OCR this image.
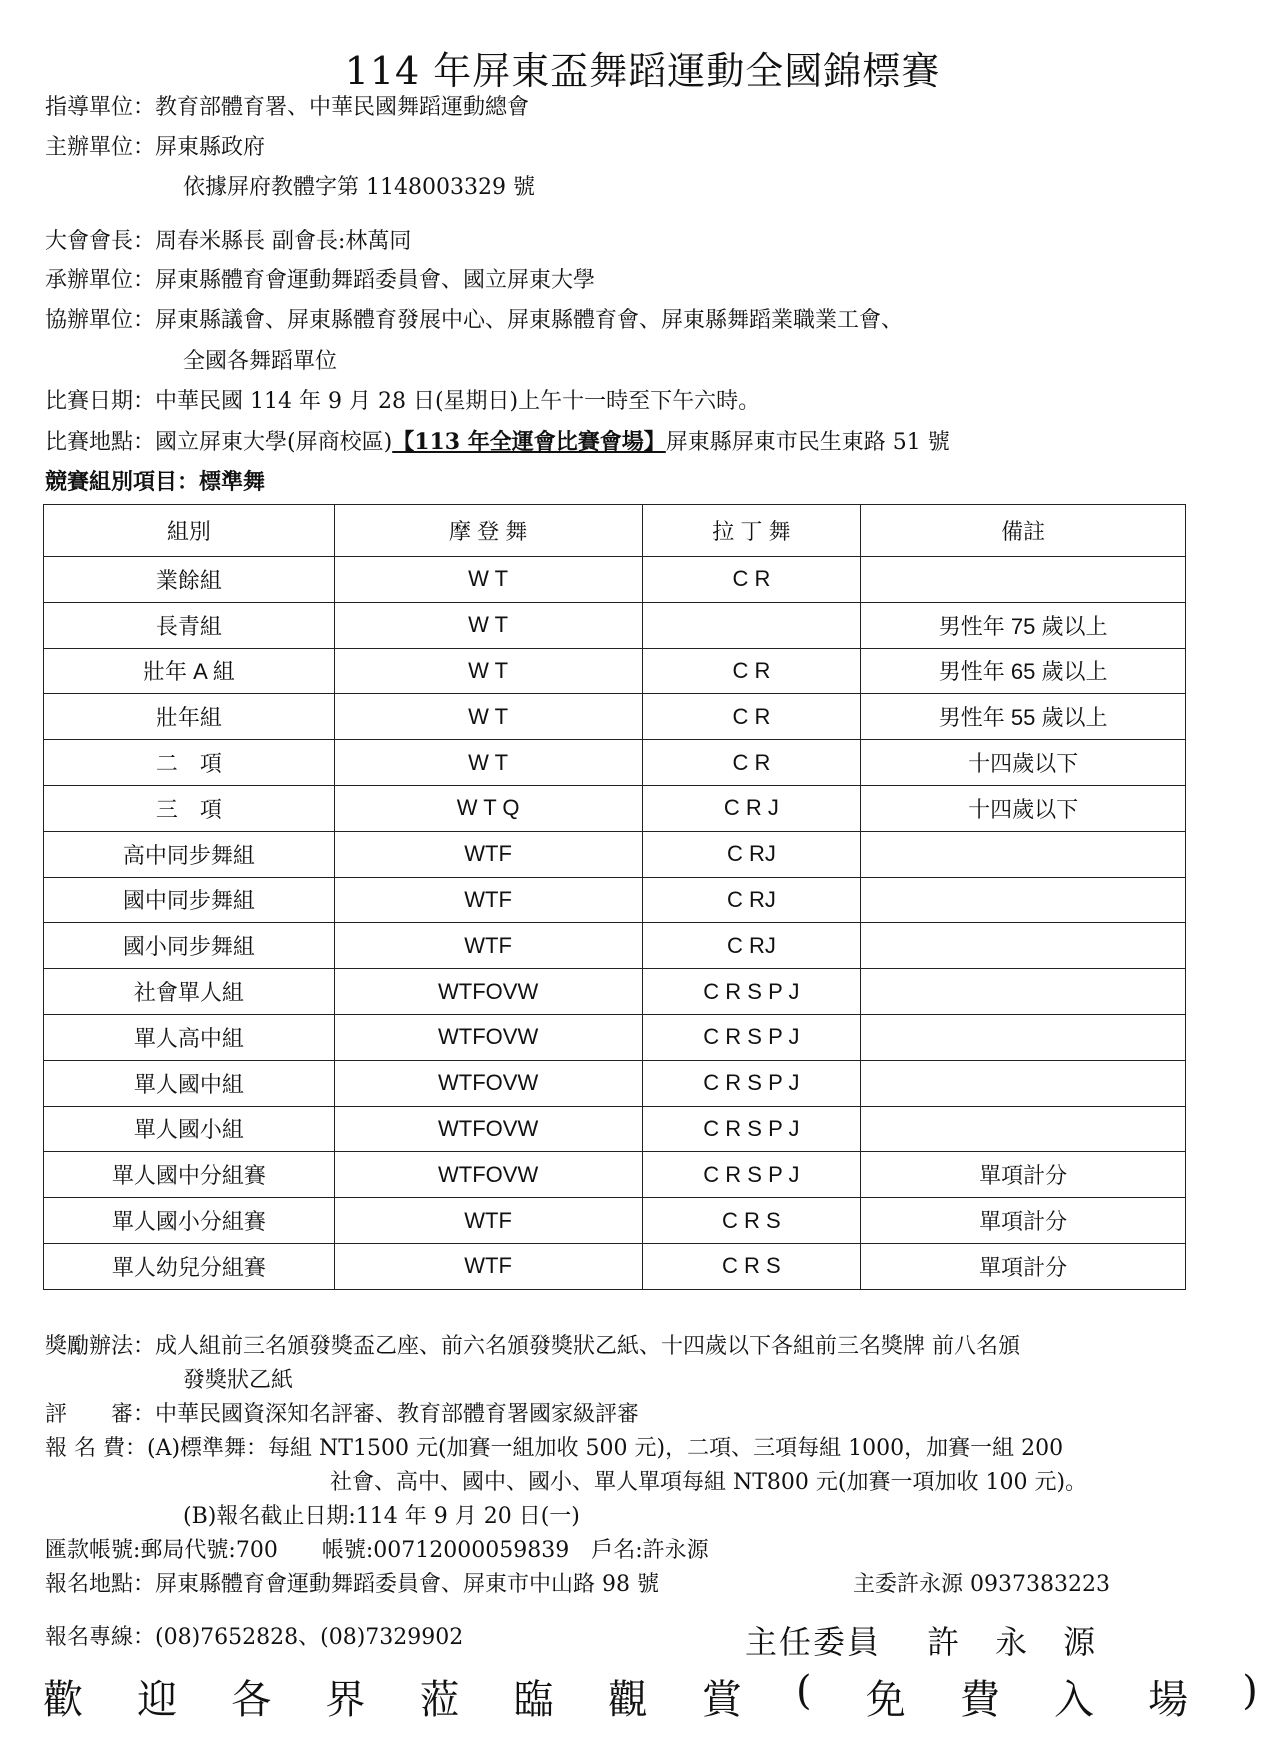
114 年屏東盃舞蹈運動全國錦標賽
指導單位：教育部體育署、中華民國舞蹈運動總會
主辦單位：屏東縣政府
依據屏府教體字第 1148003329 號
大會會長：周春米縣長 副會長:林萬同
承辦單位：屏東縣體育會運動舞蹈委員會、國立屏東大學
協辦單位：屏東縣議會、屏東縣體育發展中心、屏東縣體育會、屏東縣舞蹈業職業工會、
全國各舞蹈單位
比賽日期：中華民國 114 年 9 月 28 日(星期日)上午十一時至下午六時。
比賽地點：國立屏東大學(屏商校區)【113 年全運會比賽會場】屏東縣屏東市民生東路 51 號
競賽組別項目：標準舞
組別	摩 登 舞	拉 丁 舞	備註
業餘組	W T	C R	
長青組	W T		男性年 75 歲以上
壯年 A 組	W T	C R	男性年 65 歲以上
壯年組	W T	C R	男性年 55 歲以上
二　項	W T	C R	十四歲以下
三　項	W T Q	C R J	十四歲以下
高中同步舞組	WTF	C RJ	
國中同步舞組	WTF	C RJ	
國小同步舞組	WTF	C RJ	
社會單人組	WTFOVW	C R S P J	
單人高中組	WTFOVW	C R S P J	
單人國中組	WTFOVW	C R S P J	
單人國小組	WTFOVW	C R S P J	
單人國中分組賽	WTFOVW	C R S P J	單項計分
單人國小分組賽	WTF	C R S	單項計分
單人幼兒分組賽	WTF	C R S	單項計分
獎勵辦法：成人組前三名頒發獎盃乙座、前六名頒發獎狀乙紙、十四歲以下各組前三名獎牌 前八名頒
發獎狀乙紙
評　　審：中華民國資深知名評審、教育部體育署國家級評審
報 名 費：(A)標準舞：每組 NT1500 元(加賽一組加收 500 元)，二項、三項每組 1000，加賽一組 200
社會、高中、國中、國小、單人單項每組 NT800 元(加賽一項加收 100 元)。
(B)報名截止日期:114 年 9 月 20 日(一)
匯款帳號:郵局代號:700　　帳號:00712000059839　戶名:許永源
報名地點：屏東縣體育會運動舞蹈委員會、屏東市中山路 98 號	主委許永源 0937383223
報名專線：(08)7652828、(08)7329902	主任委員　 許　永　源
歡 迎 各 界 蒞 臨 觀 賞 ( 免 費 入 場 )
